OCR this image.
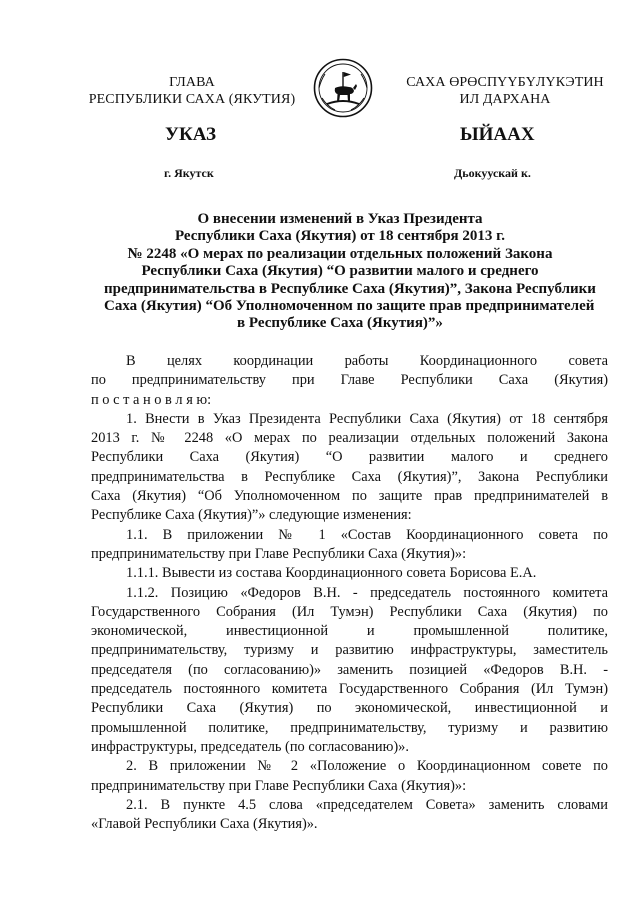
ГЛАВА
РЕСПУБЛИКИ САХА (ЯКУТИЯ)
САХА ӨРӨСПҮҮБҮЛҮКЭТИН
ИЛ ДАРХАНА
УКАЗ	ЫЙААХ
г. Якутск	Дьокуускай к.
О внесении изменений в Указ Президента
Республики Саха (Якутия) от 18 сентября 2013 г.
№ 2248 «О мерах по реализации отдельных положений Закона
Республики Саха (Якутия) “О развитии малого и среднего
предпринимательства в Республике Саха (Якутия)”, Закона Республики
Саха (Якутия) “Об Уполномоченном по защите прав предпринимателей
в Республике Саха (Якутия)”»
В целях координации работы Координационного совета
по предпринимательству при Главе Республики Саха (Якутия)
п о с т а н о в л я ю:
1. Внести в Указ Президента Республики Саха (Якутия) от 18 сентября
2013 г. № 2248 «О мерах по реализации отдельных положений Закона
Республики Саха (Якутия) “О развитии малого и среднего
предпринимательства в Республике Саха (Якутия)”, Закона Республики
Саха (Якутия) “Об Уполномоченном по защите прав предпринимателей в
Республике Саха (Якутия)”» следующие изменения:
1.1. В приложении № 1 «Состав Координационного совета по
предпринимательству при Главе Республики Саха (Якутия)»:
1.1.1. Вывести из состава Координационного совета Борисова Е.А.
1.1.2. Позицию «Федоров В.Н. - председатель постоянного комитета
Государственного Собрания (Ил Тумэн) Республики Саха (Якутия) по
экономической, инвестиционной и промышленной политике,
предпринимательству, туризму и развитию инфраструктуры, заместитель
председателя (по согласованию)» заменить позицией «Федоров В.Н. -
председатель постоянного комитета Государственного Собрания (Ил Тумэн)
Республики Саха (Якутия) по экономической, инвестиционной и
промышленной политике, предпринимательству, туризму и развитию
инфраструктуры, председатель (по согласованию)».
2. В приложении № 2 «Положение о Координационном совете по
предпринимательству при Главе Республики Саха (Якутия)»:
2.1. В пункте 4.5 слова «председателем Совета» заменить словами
«Главой Республики Саха (Якутия)».
